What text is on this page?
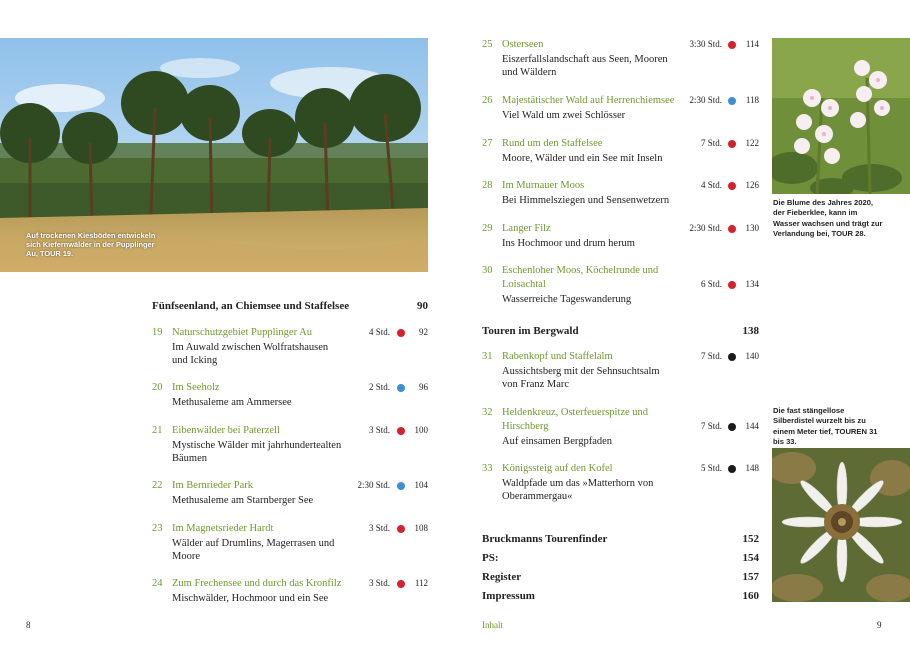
Auf trockenen Kiesböden entwickeln sich Kiefernwälder in der Pupplinger Au, TOUR 19.
Die Blume des Jahres 2020, der Fieberklee, kann im Wasser wachsen und trägt zur Verlandung bei, TOUR 28.
Die fast stängellose Silberdistel wurzelt bis zu einem Meter tief, TOUREN 31 bis 33.
Fünfseenland, an Chiemsee und Staffelsee	90
19 Naturschutzgebiet Pupplinger Au
Im Auwald zwischen Wolfratshausen
und Icking
4 Std.	92
20 Im Seeholz
Methusaleme am Ammersee
2 Std.	96
21 Eibenwälder bei Paterzell
Mystische Wälder mit jahrhundertealten
Bäumen
3 Std.	100
22 Im Bernrieder Park
Methusaleme am Starnberger See
2:30 Std.	104
23 Im Magnetsrieder Hardt
Wälder auf Drumlins, Magerrasen und
Moore
3 Std.	108
24 Zum Frechensee und durch das Kronfilz
Mischwälder, Hochmoor und ein See
3 Std.	112
25 Osterseen
Eiszerfallslandschaft aus Seen, Mooren
und Wäldern
3:30 Std.	114
26 Majestätischer Wald auf Herrenchiemsee
Viel Wald um zwei Schlösser
2:30 Std.	118
27 Rund um den Staffelsee
Moore, Wälder und ein See mit Inseln
7 Std.	122
28 Im Murnauer Moos
Bei Himmelsziegen und Sensenwetzern
4 Std.	126
29 Langer Filz
Ins Hochmoor und drum herum
2:30 Std.	130
30 Eschenloher Moos, Köchelrunde und
Loisachtal
Wasserreiche Tageswanderung
6 Std.	134
Touren im Bergwald	138
31 Rabenkopf und Staffelalm
Aussichtsberg mit der Sehnsuchtsalm
von Franz Marc
7 Std.	140
32 Heldenkreuz, Osterfeuerspitze und
Hirschberg
Auf einsamen Bergpfaden
7 Std.	144
33 Königssteig auf den Kofel
Waldpfade um das »Matterhorn von
Oberammergau«
5 Std.	148
Bruckmanns Tourenfinder	152
PS:	154
Register	157
Impressum	160
8	Inhalt	9
